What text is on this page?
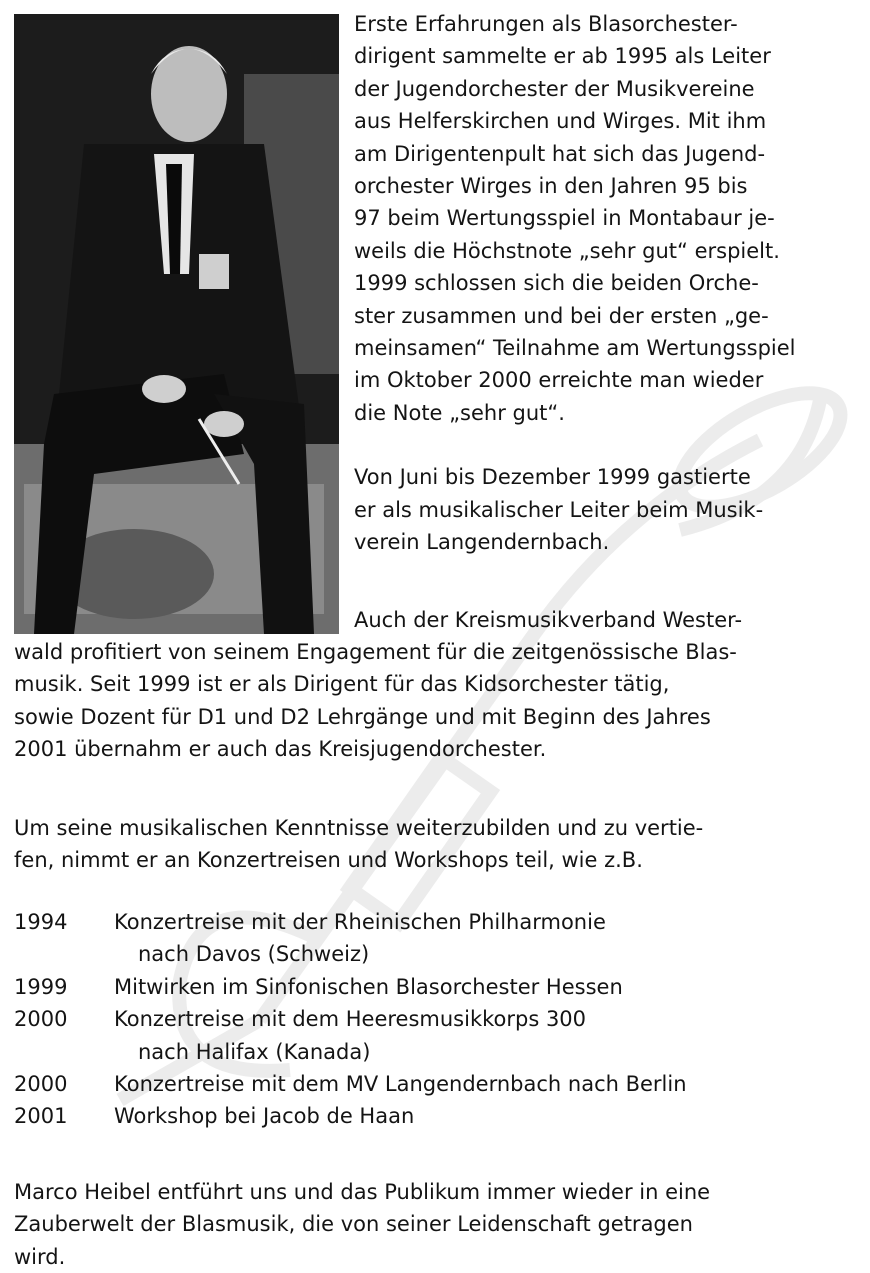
Erste Erfahrungen als Blasorchester-
dirigent sammelte er ab 1995 als Leiter
der Jugendorchester der Musikvereine
aus Helferskirchen und Wirges. Mit ihm
am Dirigentenpult hat sich das Jugend-
orchester Wirges in den Jahren 95 bis
97 beim Wertungsspiel in Montabaur je-
weils die Höchstnote „sehr gut“ erspielt.
1999 schlossen sich die beiden Orche-
ster zusammen und bei der ersten „ge-
meinsamen“ Teilnahme am Wertungsspiel
im Oktober 2000 erreichte man wieder
die Note „sehr gut“.
Von Juni bis Dezember 1999 gastierte
er als musikalischer Leiter beim Musik-
verein Langendernbach.
Auch der Kreismusikverband Wester-
wald profitiert von seinem Engagement für die zeitgenössische Blas-
musik. Seit 1999 ist er als Dirigent für das Kidsorchester tätig,
sowie Dozent für D1 und D2 Lehrgänge und mit Beginn des Jahres
2001 übernahm er auch das Kreisjugendorchester.
Um seine musikalischen Kenntnisse weiterzubilden und zu vertie-
fen, nimmt er an Konzertreisen und Workshops teil, wie z.B.
1994	Konzertreise mit der Rheinischen Philharmonie
nach Davos (Schweiz)
1999	Mitwirken im Sinfonischen Blasorchester Hessen
2000	Konzertreise mit dem Heeresmusikkorps 300
nach Halifax (Kanada)
2000	Konzertreise mit dem MV Langendernbach nach Berlin
2001	Workshop bei Jacob de Haan
Marco Heibel entführt uns und das Publikum immer wieder in eine
Zauberwelt der Blasmusik, die von seiner Leidenschaft getragen
wird.
